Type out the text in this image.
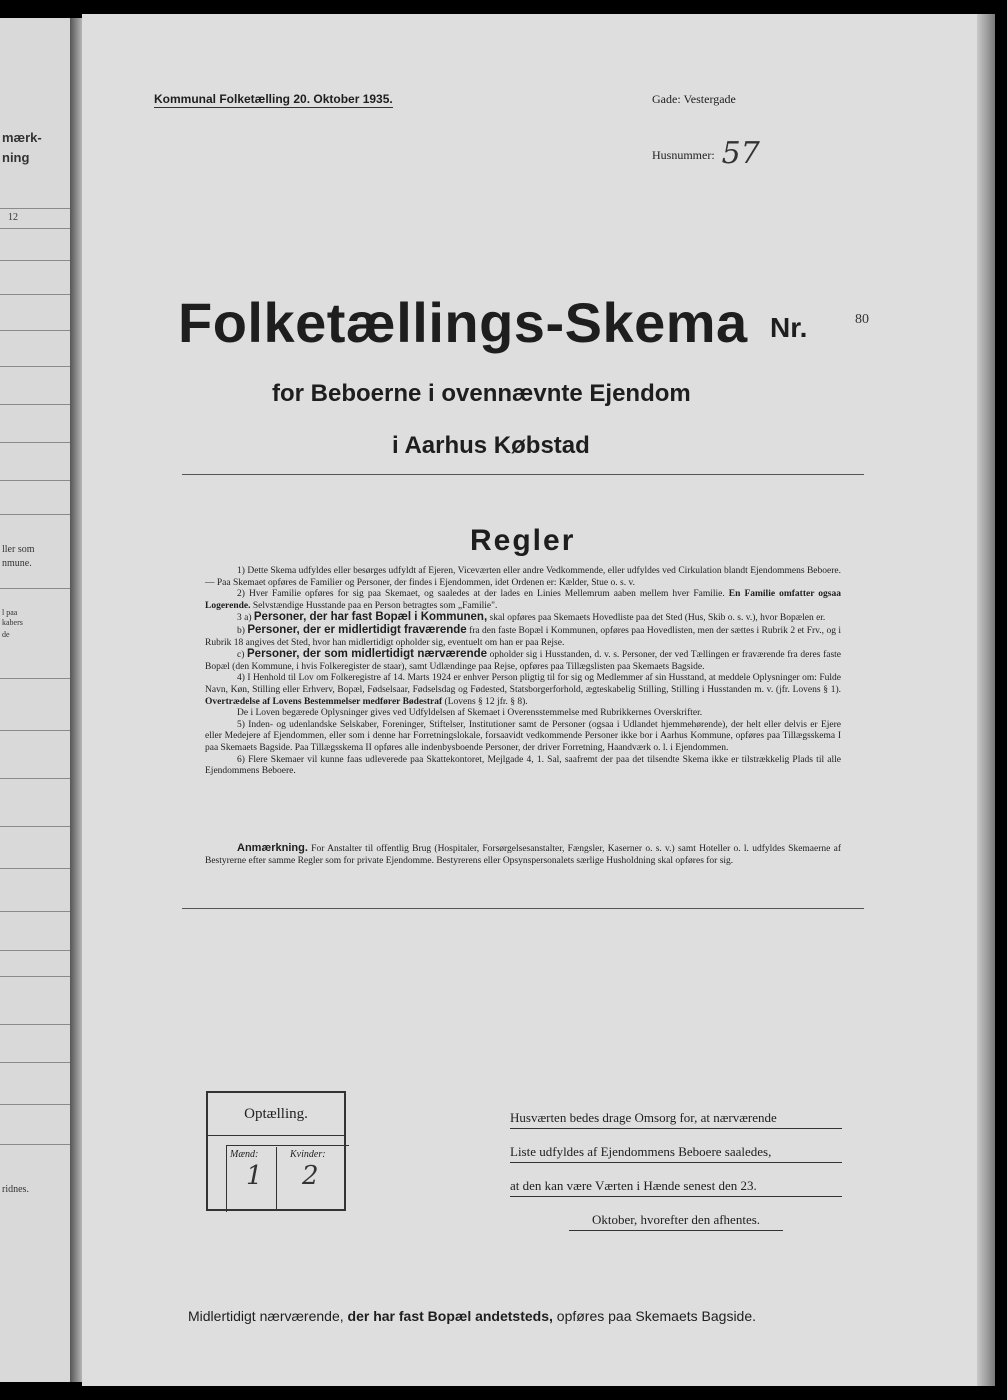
mærk-
ning
12
ller som
nmune.
l paa
kabers
de
ridnes.
Kommunal Folketælling 20. Oktober 1935.	Gade: Vestergade
Husnummer: 57
Folketællings-Skema Nr.	80
for Beboerne i ovennævnte Ejendom
i Aarhus Købstad
Regler

1) Dette Skema udfyldes eller besørges udfyldt af Ejeren, Viceværten eller andre Vedkommende, eller udfyldes ved Cirkulation blandt Ejendommens Beboere. — Paa Skemaet opføres de Familier og Personer, der findes i Ejendommen, idet Ordenen er: Kælder, Stue o. s. v.

2) Hver Familie opføres for sig paa Skemaet, og saaledes at der lades en Linies Mellemrum aaben mellem hver Familie. En Familie omfatter ogsaa Logerende. Selvstændige Husstande paa en Person betragtes som „Familie".

3 a) Personer, der har fast Bopæl i Kommunen, skal opføres paa Skemaets Hovedliste paa det Sted (Hus, Skib o. s. v.), hvor Bopælen er.

b) Personer, der er midlertidigt fraværende fra den faste Bopæl i Kommunen, opføres paa Hovedlisten, men der sættes i Rubrik 2 et Frv., og i Rubrik 18 angives det Sted, hvor han midlertidigt opholder sig, eventuelt om han er paa Rejse.

c) Personer, der som midlertidigt nærværende opholder sig i Husstanden, d. v. s. Personer, der ved Tællingen er fraværende fra deres faste Bopæl (den Kommune, i hvis Folkeregister de staar), samt Udlændinge paa Rejse, opføres paa Tillægslisten paa Skemaets Bagside.

4) I Henhold til Lov om Folkeregistre af 14. Marts 1924 er enhver Person pligtig til for sig og Medlemmer af sin Husstand, at meddele Oplysninger om: Fulde Navn, Køn, Stilling eller Erhverv, Bopæl, Fødselsaar, Fødselsdag og Fødested, Statsborgerforhold, ægteskabelig Stilling, Stilling i Husstanden m. v. (jfr. Lovens § 1). Overtrædelse af Lovens Bestemmelser medfører Bødestraf (Lovens § 12 jfr. § 8).

De i Loven begærede Oplysninger gives ved Udfyldelsen af Skemaet i Overensstemmelse med Rubrikkernes Overskrifter.

5) Inden- og udenlandske Selskaber, Foreninger, Stiftelser, Institutioner samt de Personer (ogsaa i Udlandet hjemmehørende), der helt eller delvis er Ejere eller Medejere af Ejendommen, eller som i denne har Forretningslokale, forsaavidt vedkommende Personer ikke bor i Aarhus Kommune, opføres paa Tillægsskema I paa Skemaets Bagside. Paa Tillægsskema II opføres alle indenbysboende Personer, der driver Forretning, Haandværk o. l. i Ejendommen.

6) Flere Skemaer vil kunne faas udleverede paa Skattekontoret, Mejlgade 4, 1. Sal, saafremt der paa det tilsendte Skema ikke er tilstrækkelig Plads til alle Ejendommens Beboere.

Anmærkning. For Anstalter til offentlig Brug (Hospitaler, Forsørgelsesanstalter, Fængsler, Kaserner o. s. v.) samt Hoteller o. l. udfyldes Skemaerne af Bestyrerne efter samme Regler som for private Ejendomme. Bestyrerens eller Opsynspersonalets særlige Husholdning skal opføres for sig.

Optælling.
Mænd:	Kvinder:
1 2
Husværten bedes drage Omsorg for, at nærværende
Liste udfyldes af Ejendommens Beboere saaledes,
at den kan være Værten i Hænde senest den 23.
Oktober, hvorefter den afhentes.
Midlertidigt nærværende, der har fast Bopæl andetsteds, opføres paa Skemaets Bagside.
